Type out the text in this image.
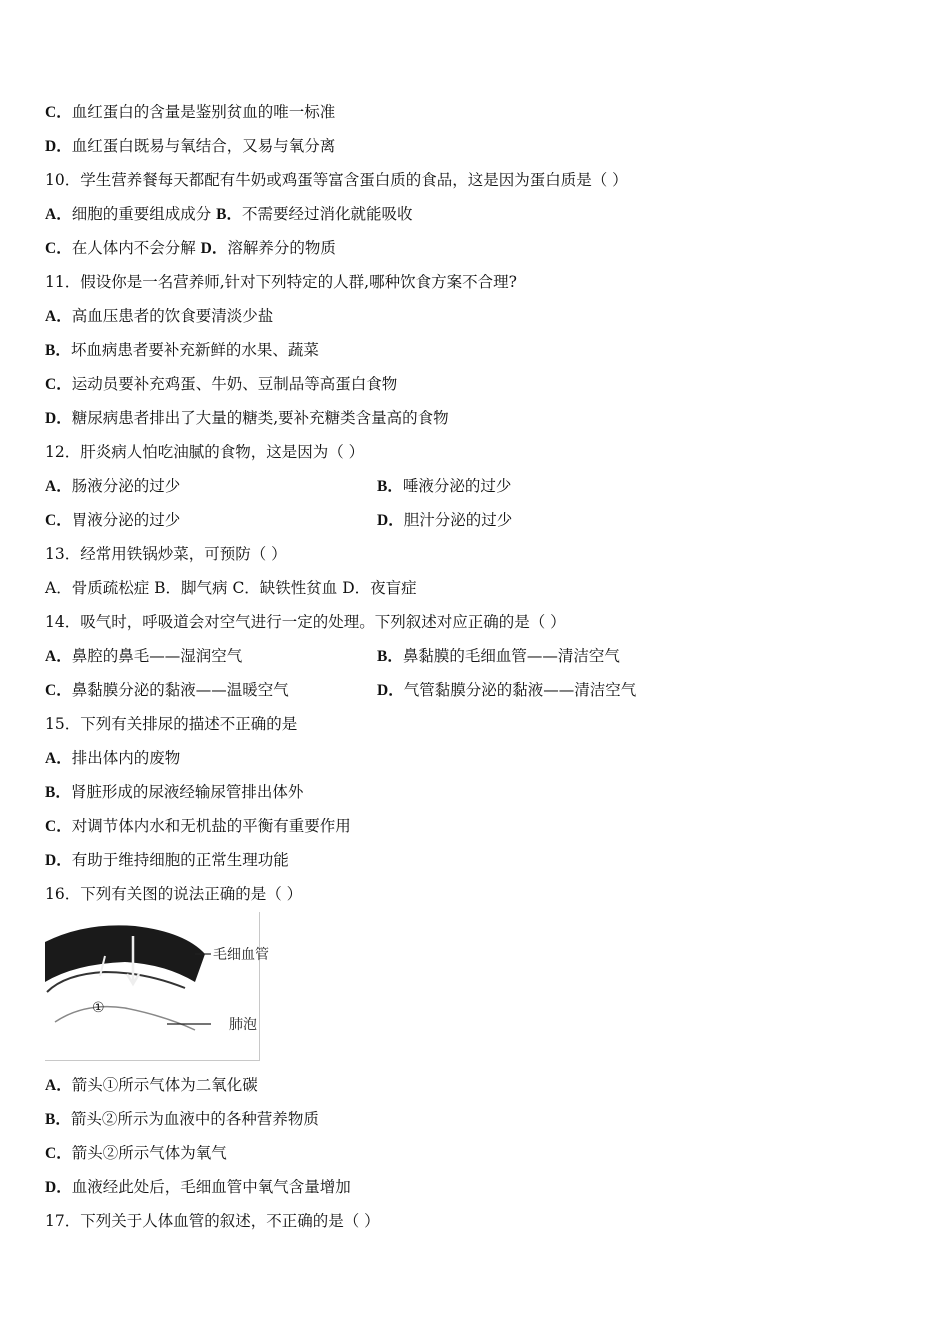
C．血红蛋白的含量是鉴别贫血的唯一标准
D．血红蛋白既易与氧结合，又易与氧分离
10．学生营养餐每天都配有牛奶或鸡蛋等富含蛋白质的食品，这是因为蛋白质是（ ）
A．细胞的重要组成成分 B．不需要经过消化就能吸收
C．在人体内不会分解 D．溶解养分的物质
11．假设你是一名营养师,针对下列特定的人群,哪种饮食方案不合理?
A．高血压患者的饮食要清淡少盐
B．坏血病患者要补充新鲜的水果、蔬菜
C．运动员要补充鸡蛋、牛奶、豆制品等高蛋白食物
D．糖尿病患者排出了大量的糖类,要补充糖类含量高的食物
12．肝炎病人怕吃油腻的食物，这是因为（ ）
A．肠液分泌的过少	B．唾液分泌的过少
C．胃液分泌的过少	D．胆汁分泌的过少
13．经常用铁锅炒菜，可预防（ ）
A．骨质疏松症 B．脚气病 C．缺铁性贫血 D．夜盲症
14．吸气时，呼吸道会对空气进行一定的处理。下列叙述对应正确的是（ ）
A．鼻腔的鼻毛——湿润空气	B．鼻黏膜的毛细血管——清洁空气
C．鼻黏膜分泌的黏液——温暖空气	D．气管黏膜分泌的黏液——清洁空气
15．下列有关排尿的描述不正确的是
A．排出体内的废物
B．肾脏形成的尿液经输尿管排出体外
C．对调节体内水和无机盐的平衡有重要作用
D．有助于维持细胞的正常生理功能
16．下列有关图的说法正确的是（ ）
毛细血管
肺泡
①
A．箭头①所示气体为二氧化碳
B．箭头②所示为血液中的各种营养物质
C．箭头②所示气体为氧气
D．血液经此处后，毛细血管中氧气含量增加
17．下列关于人体血管的叙述，不正确的是（ ）
